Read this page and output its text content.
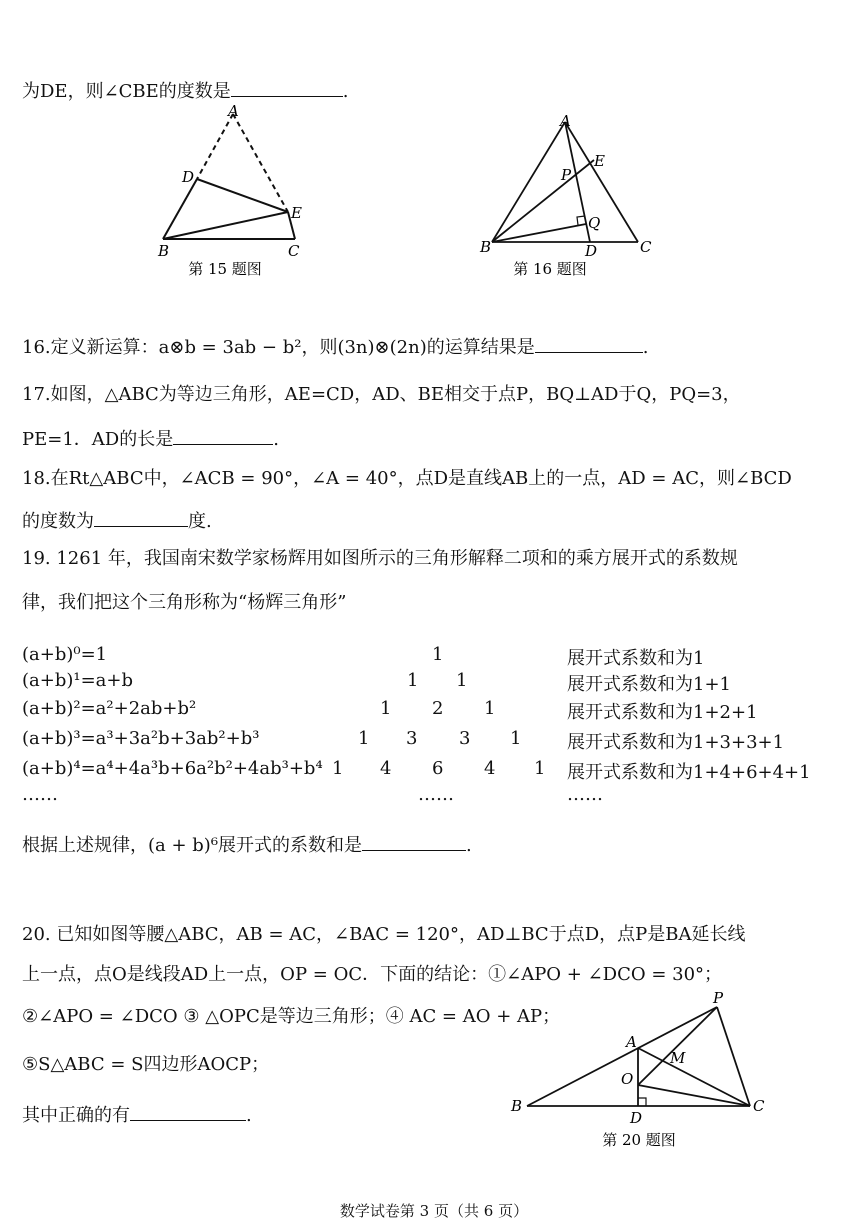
为DE，则∠CBE的度数是	.
A
D
E
B	C
第 15 题图
A
E
P
Q
B	D	C
第 16 题图
16.定义新运算：a⊗b = 3ab − b²，则(3n)⊗(2n)的运算结果是	.
17.如图，△ABC为等边三角形，AE=CD，AD、BE相交于点P，BQ⊥AD于Q，PQ=3，
PE=1．AD的长是	.
18.在Rt△ABC中，∠ACB = 90°，∠A = 40°，点D是直线AB上的一点，AD = AC，则∠BCD
的度数为	度.
19. 1261 年，我国南宋数学家杨辉用如图所示的三角形解释二项和的乘方展开式的系数规
律，我们把这个三角形称为“杨辉三角形”
(a+b)⁰=1	1	展开式系数和为1
(a+b)¹=a+b	1 1	展开式系数和为1+1
(a+b)²=a²+2ab+b²	1 2 1	展开式系数和为1+2+1
(a+b)³=a³+3a²b+3ab²+b³	1 3 3 1	展开式系数和为1+3+3+1
(a+b)⁴=a⁴+4a³b+6a²b²+4ab³+b⁴ 1 4 6 4 1 展开式系数和为1+4+6+4+1
……	……	……
根据上述规律，(a + b)⁶展开式的系数和是	.
20. 已知如图等腰△ABC，AB = AC，∠BAC = 120°，AD⊥BC于点D，点P是BA延长线
上一点，点O是线段AD上一点，OP = OC．下面的结论：①∠APO + ∠DCO = 30°；
②∠APO = ∠DCO ③ △OPC是等边三角形；④ AC = AO + AP；
⑤S△ABC = S四边形AOCP；
其中正确的有	.
P
A
M
O
B	C
D
第 20 题图
数学试卷第 3 页（共 6 页）
